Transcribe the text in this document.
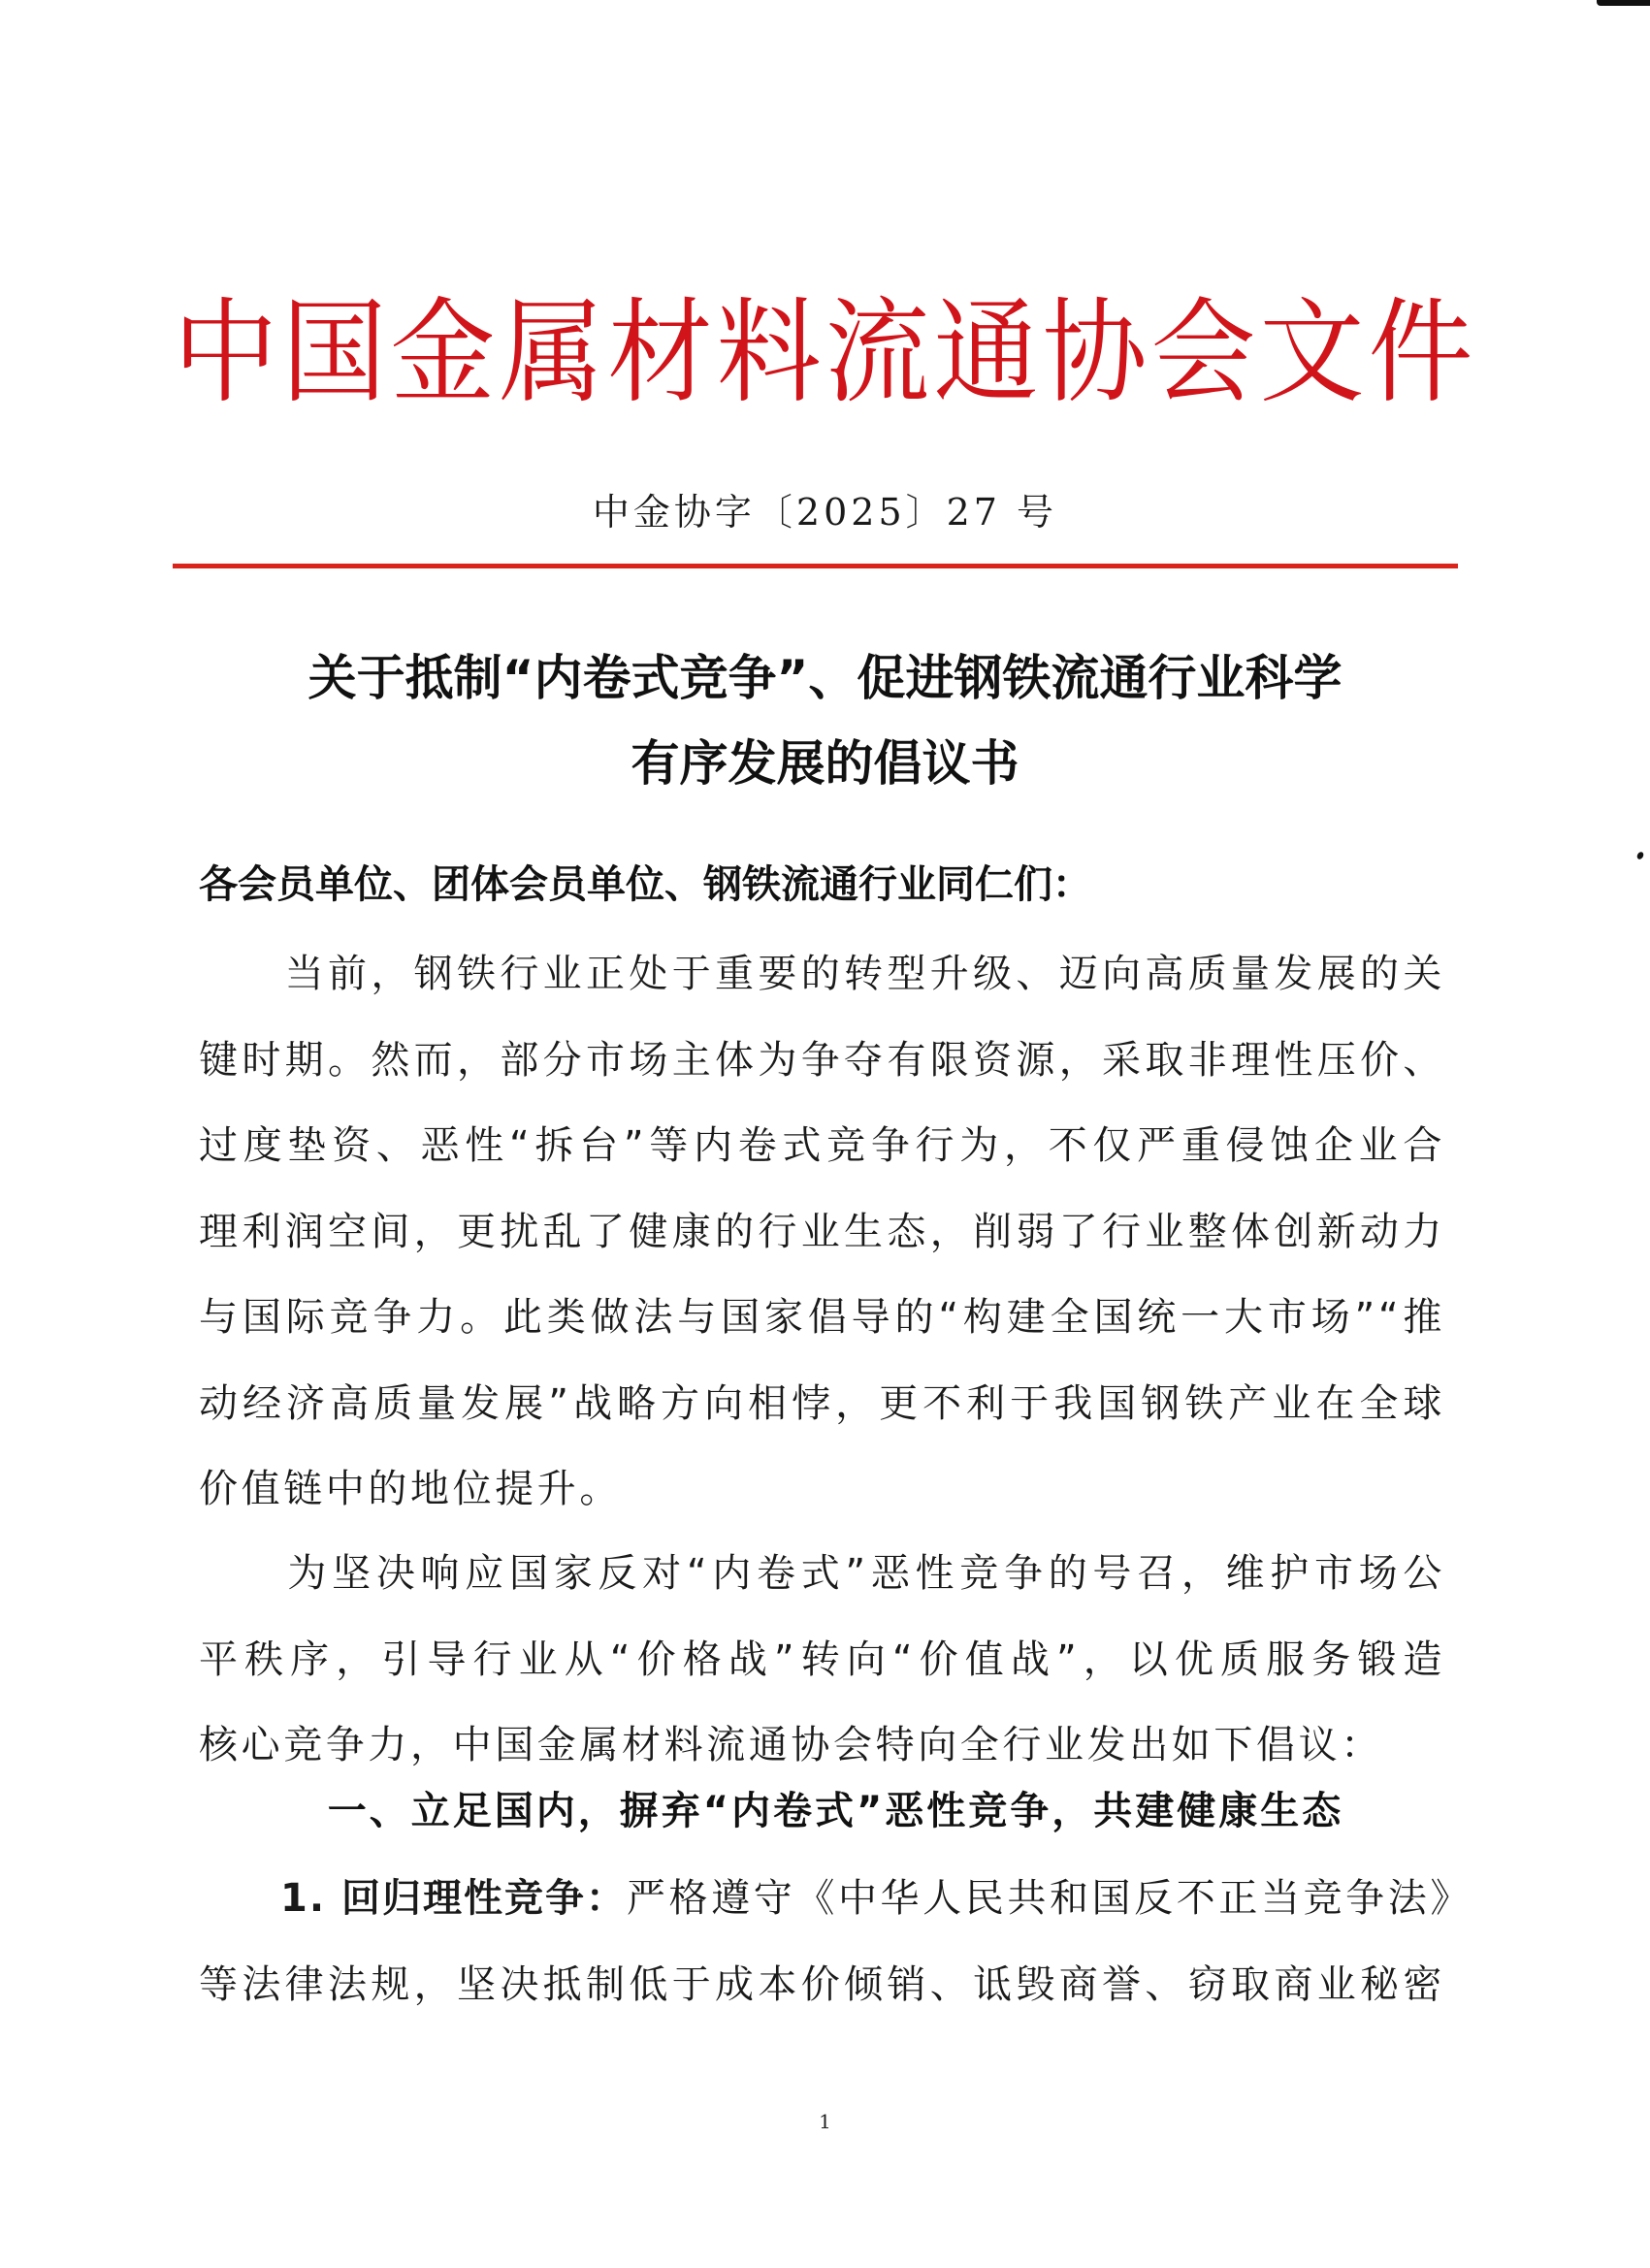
中国金属材料流通协会文件
中金协字〔2025〕27 号
关于抵制“内卷式竞争”、促进钢铁流通行业科学
有序发展的倡议书
各会员单位、团体会员单位、钢铁流通行业同仁们：
　　当前，钢铁行业正处于重要的转型升级、迈向高质量发展的关
键时期。然而，部分市场主体为争夺有限资源，采取非理性压价、
过度垫资、恶性“拆台”等内卷式竞争行为，不仅严重侵蚀企业合
理利润空间，更扰乱了健康的行业生态，削弱了行业整体创新动力
与国际竞争力。此类做法与国家倡导的“构建全国统一大市场”“推
动经济高质量发展”战略方向相悖，更不利于我国钢铁产业在全球
价值链中的地位提升。
　　为坚决响应国家反对“内卷式”恶性竞争的号召，维护市场公
平秩序，引导行业从“价格战”转向“价值战”，以优质服务锻造
核心竞争力，中国金属材料流通协会特向全行业发出如下倡议：
一、立足国内，摒弃“内卷式”恶性竞争，共建健康生态
　　1. 回归理性竞争：严格遵守《中华人民共和国反不正当竞争法》
等法律法规，坚决抵制低于成本价倾销、诋毁商誉、窃取商业秘密
1
